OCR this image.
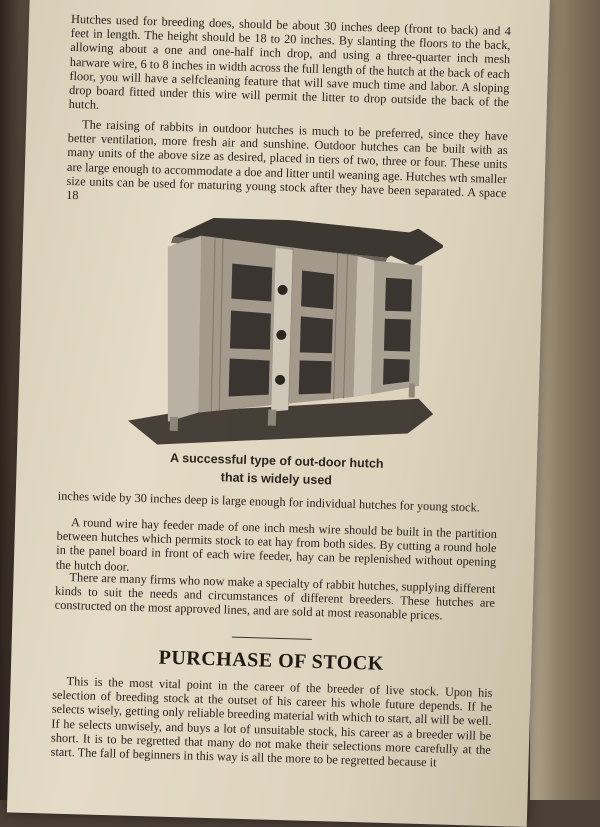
Hutches used for breeding does, should be about 30 inches deep (front to back) and 4 feet in length. The height should be 18 to 20 inches. By slanting the floors to the back, allowing about a one and one-half inch drop, and using a three-quarter inch mesh harware wire, 6 to 8 inches in width across the full length of the hutch at the back of each floor, you will have a selfcleaning feature that will save much time and labor. A sloping drop board fitted under this wire will permit the litter to drop outside the back of the hutch.

The raising of rabbits in outdoor hutches is much to be preferred, since they have better ventilation, more fresh air and sunshine. Outdoor hutches can be built with as many units of the above size as desired, placed in tiers of two, three or four. These units are large enough to accommodate a doe and litter until weaning age. Hutches wth smaller size units can be used for maturing young stock after they have been separated. A space 18

A successful type of out-door hutch
that is widely used

inches wide by 30 inches deep is large enough for individual hutches for young stock.

A round wire hay feeder made of one inch mesh wire should be built in the partition between hutches which permits stock to eat hay from both sides. By cutting a round hole in the panel board in front of each wire feeder, hay can be replenished without opening the hutch door.

There are many firms who now make a specialty of rabbit hutches, supplying different kinds to suit the needs and circumstances of different breeders. These hutches are constructed on the most approved lines, and are sold at most reasonable prices.

PURCHASE OF STOCK

This is the most vital point in the career of the breeder of live stock. Upon his selection of breeding stock at the outset of his career his whole future depends. If he selects wisely, getting only reliable breeding material with which to start, all will be well. If he selects unwisely, and buys a lot of unsuitable stock, his career as a breeder will be short. It is to be regretted that many do not make their selections more carefully at the start. The fall of beginners in this way is all the more to be regretted because it
